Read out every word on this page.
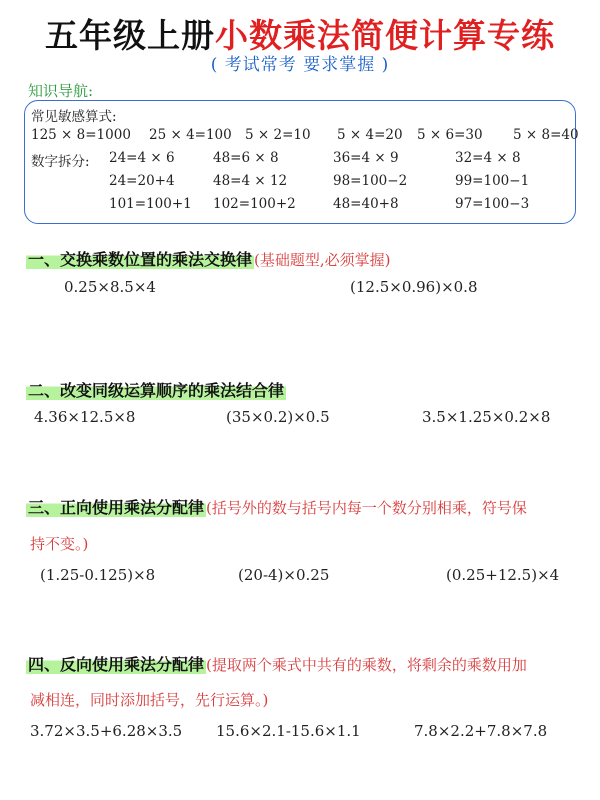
五年级上册小数乘法简便计算专练
( 考试常考 要求掌握 )
知识导航:
常见敏感算式:
125 × 8=1000 25 × 4=100 5 × 2=10 5 × 4=20 5 × 6=30 5 × 8=40
数字拆分: 24=4 × 6	48=6 × 8	36=4 × 9	32=4 × 8
24=20+4	48=4 × 12	98=100−2	99=100−1
101=100+1 102=100+2	48=40+8	97=100−3
一、交换乘数位置的乘法交换律 (基础题型,必须掌握)
0.25×8.5×4	(12.5×0.96)×0.8
二、改变同级运算顺序的乘法结合律
4.36×12.5×8	(35×0.2)×0.5	3.5×1.25×0.2×8
三、正向使用乘法分配律 (括号外的数与括号内每一个数分别相乘，符号保
持不变。)
(1.25-0.125)×8	(20-4)×0.25	(0.25+12.5)×4
四、反向使用乘法分配律 (提取两个乘式中共有的乘数，将剩余的乘数用加
减相连，同时添加括号，先行运算。)
3.72×3.5+6.28×3.5 15.6×2.1-15.6×1.1	7.8×2.2+7.8×7.8
